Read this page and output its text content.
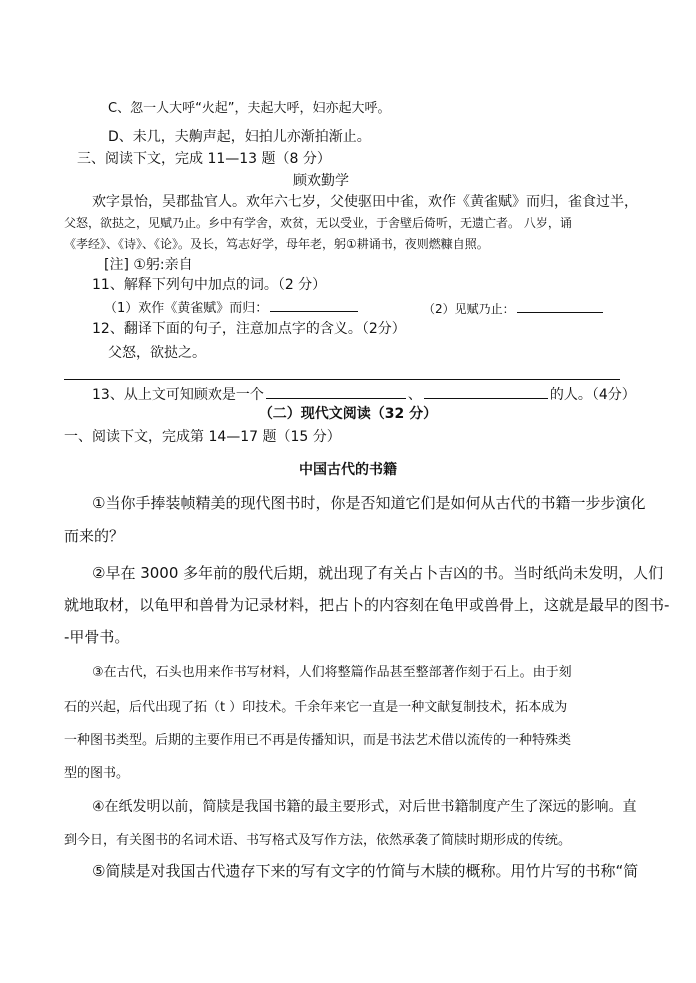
C、忽一人大呼“火起”，夫起大呼，妇亦起大呼。
D、未几，夫齁声起，妇拍儿亦渐拍渐止。
三、阅读下文，完成 11—13 题（8 分）
顾欢勤学
欢字景怡，吴郡盐官人。欢年六七岁，父使驱田中雀，欢作《黄雀赋》而归，雀食过半，
父怒，欲挞之，见赋乃止。乡中有学舍，欢贫，无以受业，于舍壁后倚听，无遗亡者。 八岁，诵
《孝经》、《诗》、《论》。及长，笃志好学，母年老，躬①耕诵书，夜则燃糠自照。
[注] ①躬:亲自
11、解释下列句中加点的词。（2 分）
（1）欢作《黄雀赋》而归：	（2）见赋乃止：
12、翻译下面的句子，注意加点字的含义。（2分）
父怒，欲挞之。
13、从上文可知顾欢是一个	、	的人。（4分）
（二）现代文阅读（32 分）
一、阅读下文，完成第 14—17 题（15 分）
中国古代的书籍
①当你手捧装帧精美的现代图书时，你是否知道它们是如何从古代的书籍一步步演化
而来的？
②早在 3000 多年前的殷代后期，就出现了有关占卜吉凶的书。当时纸尚未发明，人们
就地取材，以龟甲和兽骨为记录材料，把占卜的内容刻在龟甲或兽骨上，这就是最早的图书-
-甲骨书。
③在古代，石头也用来作书写材料，人们将整篇作品甚至整部著作刻于石上。由于刻
石的兴起，后代出现了拓（t ）印技术。千余年来它一直是一种文献复制技术，拓本成为
一种图书类型。后期的主要作用已不再是传播知识，而是书法艺术借以流传的一种特殊类
型的图书。
④在纸发明以前，简牍是我国书籍的最主要形式，对后世书籍制度产生了深远的影响。直
到今日，有关图书的名词术语、书写格式及写作方法，依然承袭了简牍时期形成的传统。
⑤简牍是对我国古代遗存下来的写有文字的竹简与木牍的概称。用竹片写的书称“简
